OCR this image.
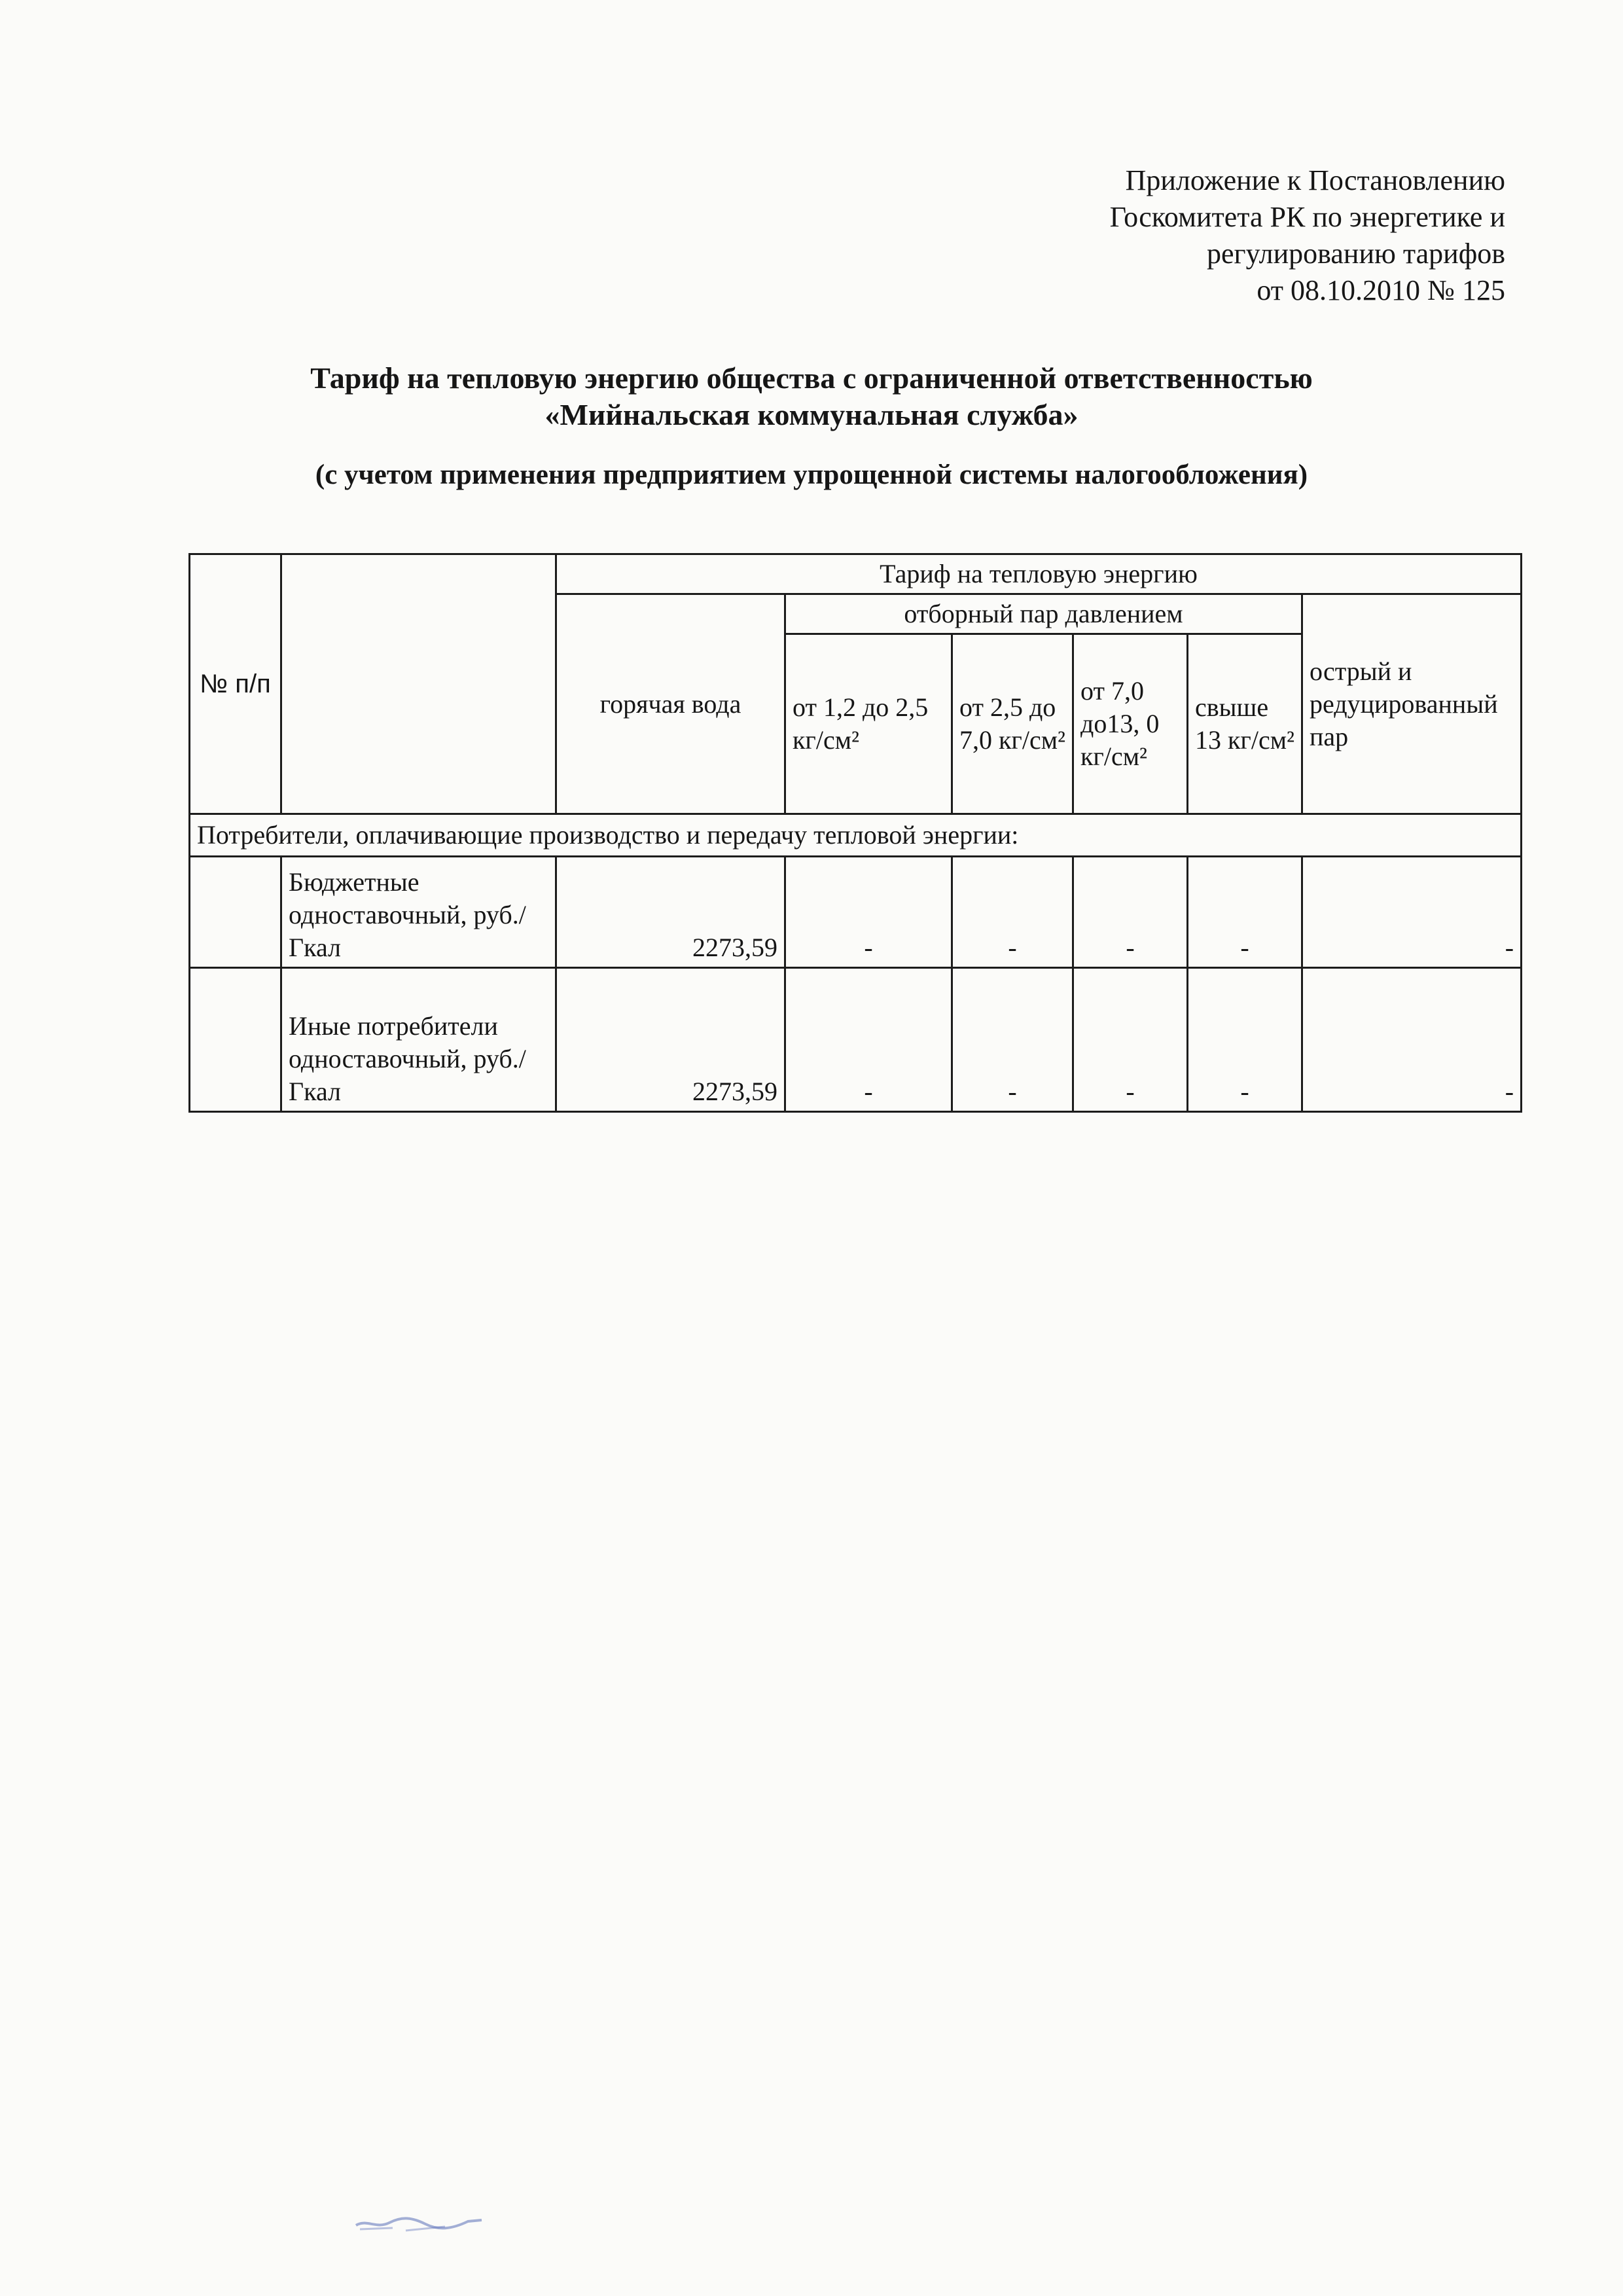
Приложение к Постановлению
Госкомитета РК по энергетике и
регулированию тарифов
от 08.10.2010 № 125
Тариф на тепловую энергию общества с ограниченной ответственностью
«Мийнальская коммунальная служба»
(с учетом применения предприятием упрощенной системы налогообложения)
№ п/п		Тариф на тепловую энергию					
		горячая вода	отборный пар давлением				острый и редуцированный пар
			от 1,2 до 2,5 кг/см²	от 2,5 до 7,0 кг/см²	от 7,0 до13, 0 кг/см²	свыше 13 кг/см²	
Потребители, оплачивающие производство и передачу тепловой энергии:							
	Бюджетные одноставочный, руб./Гкал	2273,59	-	-	-	-	-
	Иные потребители одноставочный, руб./Гкал	2273,59	-	-	-	-	-
